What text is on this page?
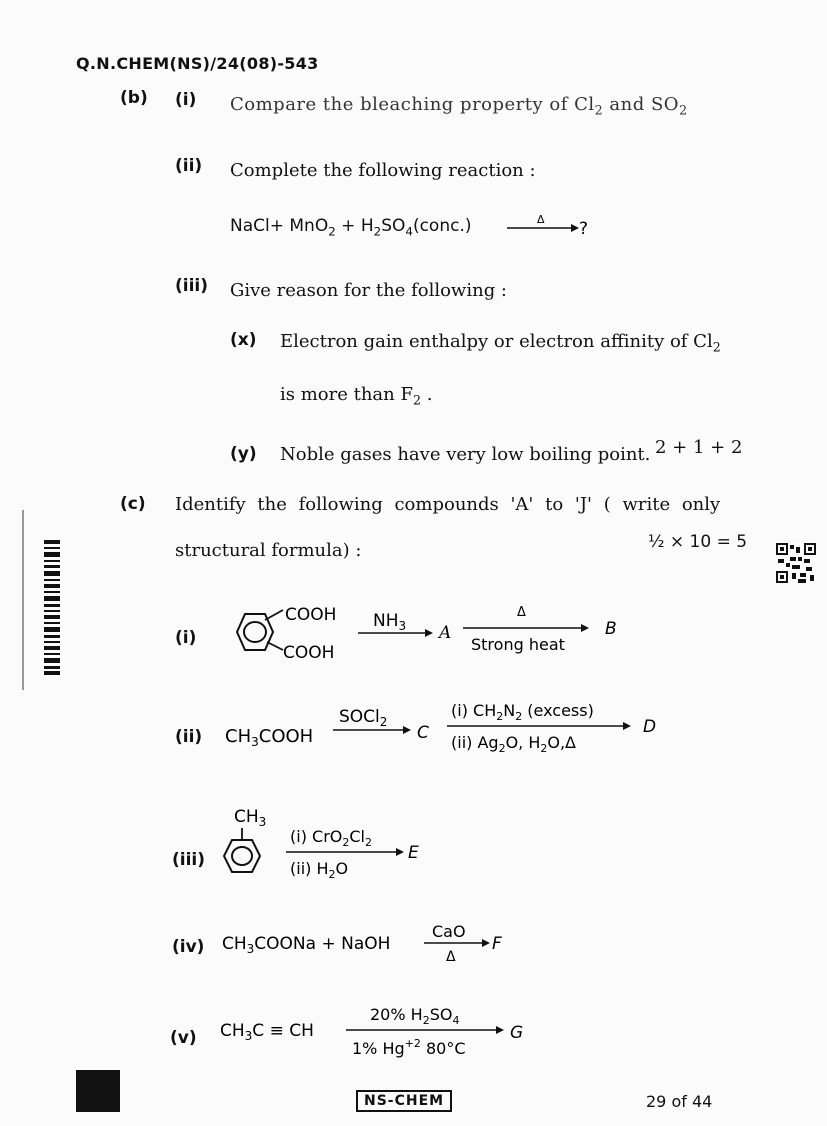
Q.N.CHEM(NS)/24(08)-543
(b) (i) Compare the bleaching property of $Cl_2$ and $SO_2$
(ii) Complete the following reaction :
NaCl+ $MnO_2 + H_2SO_4(conc.)$	Δ ?
(iii) Give reason for the following :
(x) Electron gain enthalpy or electron affinity of $Cl_2$
is more than $F_2$ .
(y) Noble gases have very low boiling point. 2 + 1 + 2
(c) Identify the following compounds 'A' to 'J' ( write only
structural formula) :	½ × 10 = 5
(i)
COOH
COOH
$NH_3$ A
Δ
Strong heat
B
(ii) $CH_3COOH$
SOCl$_2$
C
(i) $CH_2N_2$ (excess)
(ii) $Ag_2O$, $H_2O,\Delta$
D
(iii)
$CH_3$
(i) $CrO_2Cl_2$
(ii) $H_2O$
E
(iv) $CH_3COONa$ + NaOH
CaO
Δ
F
(v) $CH_3C$ ≡ CH
20% $H_2SO_4$
1% $Hg^{+2}$ 80°C
G
NS-CHEM	29 of 44
